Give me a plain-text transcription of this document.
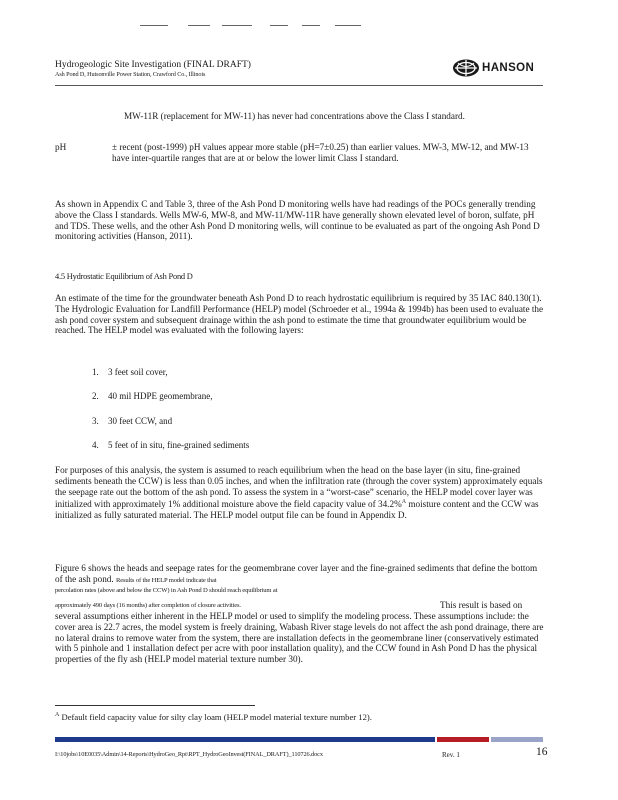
Hydrogeologic Site Investigation (FINAL DRAFT)
Ash Pond D, Hutsonville Power Station, Crawford Co., Illinois
HANSON
MW-11R (replacement for MW-11) has never had concentrations above the Class I standard.
pH	± recent (post-1999) pH values appear more stable (pH=7±0.25) than earlier values. MW-3, MW-12, and MW-13 have inter-quartile ranges that are at or below the lower limit Class I standard.
As shown in Appendix C and Table 3, three of the Ash Pond D monitoring wells have had readings of the POCs generally trending above the Class I standards. Wells MW-6, MW-8, and MW-11/MW-11R have generally shown elevated level of boron, sulfate, pH and TDS. These wells, and the other Ash Pond D monitoring wells, will continue to be evaluated as part of the ongoing Ash Pond D monitoring activities (Hanson, 2011).
4.5 Hydrostatic Equilibrium of Ash Pond D
An estimate of the time for the groundwater beneath Ash Pond D to reach hydrostatic equilibrium is required by 35 IAC 840.130(1). The Hydrologic Evaluation for Landfill Performance (HELP) model (Schroeder et al., 1994a & 1994b) has been used to evaluate the ash pond cover system and subsequent drainage within the ash pond to estimate the time that groundwater equilibrium would be reached. The HELP model was evaluated with the following layers:
1. 3 feet soil cover,
2. 40 mil HDPE geomembrane,
3. 30 feet CCW, and
4. 5 feet of in situ, fine-grained sediments
For purposes of this analysis, the system is assumed to reach equilibrium when the head on the base layer (in situ, fine-grained sediments beneath the CCW) is less than 0.05 inches, and when the infiltration rate (through the cover system) approximately equals the seepage rate out the bottom of the ash pond. To assess the system in a “worst-case” scenario, the HELP model cover layer was initialized with approximately 1% additional moisture above the field capacity value of 34.2%$^A$ moisture content and the CCW was initialized as fully saturated material. The HELP model output file can be found in Appendix D.
Figure 6 shows the heads and seepage rates for the geomembrane cover layer and the fine-grained sediments that define the bottom of the ash pond. Results of the HELP model indicate that
percolation rates (above and below the CCW) in Ash Pond D should reach equilibrium at
approximately 490 days (16 months) after completion of closure activities.	This result is based on
several assumptions either inherent in the HELP model or used to simplify the modeling process. These assumptions include: the cover area is 22.7 acres, the model system is freely draining, Wabash River stage levels do not affect the ash pond drainage, there are no lateral drains to remove water from the system, there are installation defects in the geomembrane liner (conservatively estimated with 5 pinhole and 1 installation defect per acre with poor installation quality), and the CCW found in Ash Pond D has the physical properties of the fly ash (HELP model material texture number 30).
$^A$ Default field capacity value for silty clay loam (HELP model material texture number 12).
I:\10jobs\10E0035\Admin\14-Reports\HydroGeo_Rpt\RPT_HydroGeoInvest(FINAL_DRAFT)_110726.docx	Rev. 1	16
